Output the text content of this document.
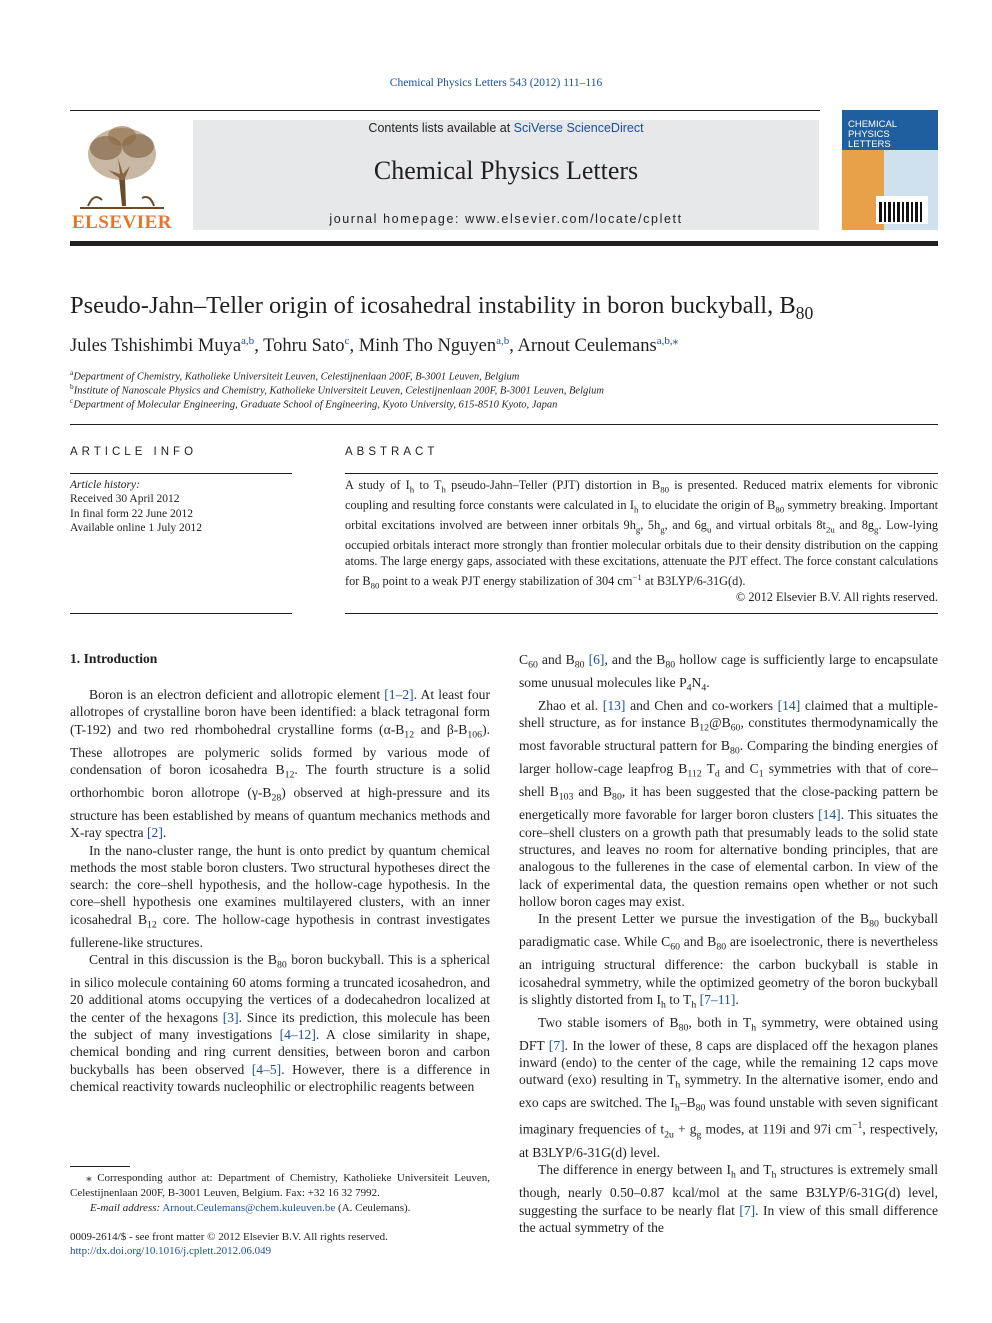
Chemical Physics Letters 543 (2012) 111–116
ELSEVIER
Contents lists available at SciVerse ScienceDirect
Chemical Physics Letters
journal homepage: www.elsevier.com/locate/cplett
CHEMICAL
PHYSICS
LETTERS
Pseudo-Jahn–Teller origin of icosahedral instability in boron buckyball, $B_{80}$
Jules Tshishimbi Muya$^{a,b}$, Tohru Sato$^c$, Minh Tho Nguyen$^{a,b}$, Arnout Ceulemans$^{a,b,⁎}$
$^a$Department of Chemistry, Katholieke Universiteit Leuven, Celestijnenlaan 200F, B-3001 Leuven, Belgium
$^b$Institute of Nanoscale Physics and Chemistry, Katholieke Universiteit Leuven, Celestijnenlaan 200F, B-3001 Leuven, Belgium
$^c$Department of Molecular Engineering, Graduate School of Engineering, Kyoto University, 615-8510 Kyoto, Japan
ARTICLE INFO
Article history:
Received 30 April 2012
In final form 22 June 2012
Available online 1 July 2012
ABSTRACT
A study of $I_h$ to $T_h$ pseudo-Jahn–Teller (PJT) distortion in $B_{80}$ is presented. Reduced matrix elements for vibronic coupling and resulting force constants were calculated in $I_h$ to elucidate the origin of $B_{80}$ symmetry breaking. Important orbital excitations involved are between inner orbitals $9h_g$, $5h_g$, and $6g_u$ and virtual orbitals $8t_{2u}$ and $8g_g$. Low-lying occupied orbitals interact more strongly than frontier molecular orbitals due to their density distribution on the capping atoms. The large energy gaps, associated with these excitations, attenuate the PJT effect. The force constant calculations for $B_{80}$ point to a weak PJT energy stabilization of 304 $cm^{-1}$ at B3LYP/6-31G(d).
© 2012 Elsevier B.V. All rights reserved.
1. Introduction

Boron is an electron deficient and allotropic element [1–2]. At least four allotropes of crystalline boron have been identified: a black tetragonal form (T-192) and two red rhombohedral crystalline forms ($\alpha-B_{12}$ and $\beta-B_{106}$). These allotropes are polymeric solids formed by various mode of condensation of boron icosahedra $B_{12}$. The fourth structure is a solid orthorhombic boron allotrope $(\gamma-B_{28})$ observed at high-pressure and its structure has been established by means of quantum mechanics methods and X-ray spectra [2].

In the nano-cluster range, the hunt is onto predict by quantum chemical methods the most stable boron clusters. Two structural hypotheses direct the search: the core–shell hypothesis, and the hollow-cage hypothesis. In the core–shell hypothesis one examines multilayered clusters, with an inner icosahedral $B_{12}$ core. The hollow-cage hypothesis in contrast investigates fullerene-like structures.

Central in this discussion is the $B_{80}$ boron buckyball. This is a spherical in silico molecule containing 60 atoms forming a truncated icosahedron, and 20 additional atoms occupying the vertices of a dodecahedron localized at the center of the hexagons [3]. Since its prediction, this molecule has been the subject of many investigations [4–12]. A close similarity in shape, chemical bonding and ring current densities, between boron and carbon buckyballs has been observed [4–5]. However, there is a difference in chemical reactivity towards nucleophilic or electrophilic reagents between

$C_{60}$ and $B_{80}$ [6], and the $B_{80}$ hollow cage is sufficiently large to encapsulate some unusual molecules like $P_4N_4$.

Zhao et al. [13] and Chen and co-workers [14] claimed that a multiple-shell structure, as for instance $B_{12}@B_{60}$, constitutes thermodynamically the most favorable structural pattern for $B_{80}$. Comparing the binding energies of larger hollow-cage leapfrog $B_{112}$ $T_d$ and $C_1$ symmetries with that of core–shell $B_{103}$ and $B_{80}$, it has been suggested that the close-packing pattern be energetically more favorable for larger boron clusters [14]. This situates the core–shell clusters on a growth path that presumably leads to the solid state structures, and leaves no room for alternative bonding principles, that are analogous to the fullerenes in the case of elemental carbon. In view of the lack of experimental data, the question remains open whether or not such hollow boron cages may exist.

In the present Letter we pursue the investigation of the $B_{80}$ buckyball paradigmatic case. While $C_{60}$ and $B_{80}$ are isoelectronic, there is nevertheless an intriguing structural difference: the carbon buckyball is stable in icosahedral symmetry, while the optimized geometry of the boron buckyball is slightly distorted from $I_h$ to $T_h$ [7–11].

Two stable isomers of $B_{80}$, both in $T_h$ symmetry, were obtained using DFT [7]. In the lower of these, 8 caps are displaced off the hexagon planes inward (endo) to the center of the cage, while the remaining 12 caps move outward (exo) resulting in $T_h$ symmetry. In the alternative isomer, endo and exo caps are switched. The $I_h-B_{80}$ was found unstable with seven significant imaginary frequencies of $t_{2u} + g_g$ modes, at 119i and 97i $cm^{-1}$, respectively, at B3LYP/6-31G(d) level.

The difference in energy between $I_h$ and $T_h$ structures is extremely small though, nearly 0.50–0.87 kcal/mol at the same B3LYP/6-31G(d) level, suggesting the surface to be nearly flat [7]. In view of this small difference the actual symmetry of the

⁎ Corresponding author at: Department of Chemistry, Katholieke Universiteit Leuven, Celestijnenlaan 200F, B-3001 Leuven, Belgium. Fax: +32 16 32 7992.
E-mail address: Arnout.Ceulemans@chem.kuleuven.be (A. Ceulemans).
0009-2614/$ - see front matter © 2012 Elsevier B.V. All rights reserved.
http://dx.doi.org/10.1016/j.cplett.2012.06.049
